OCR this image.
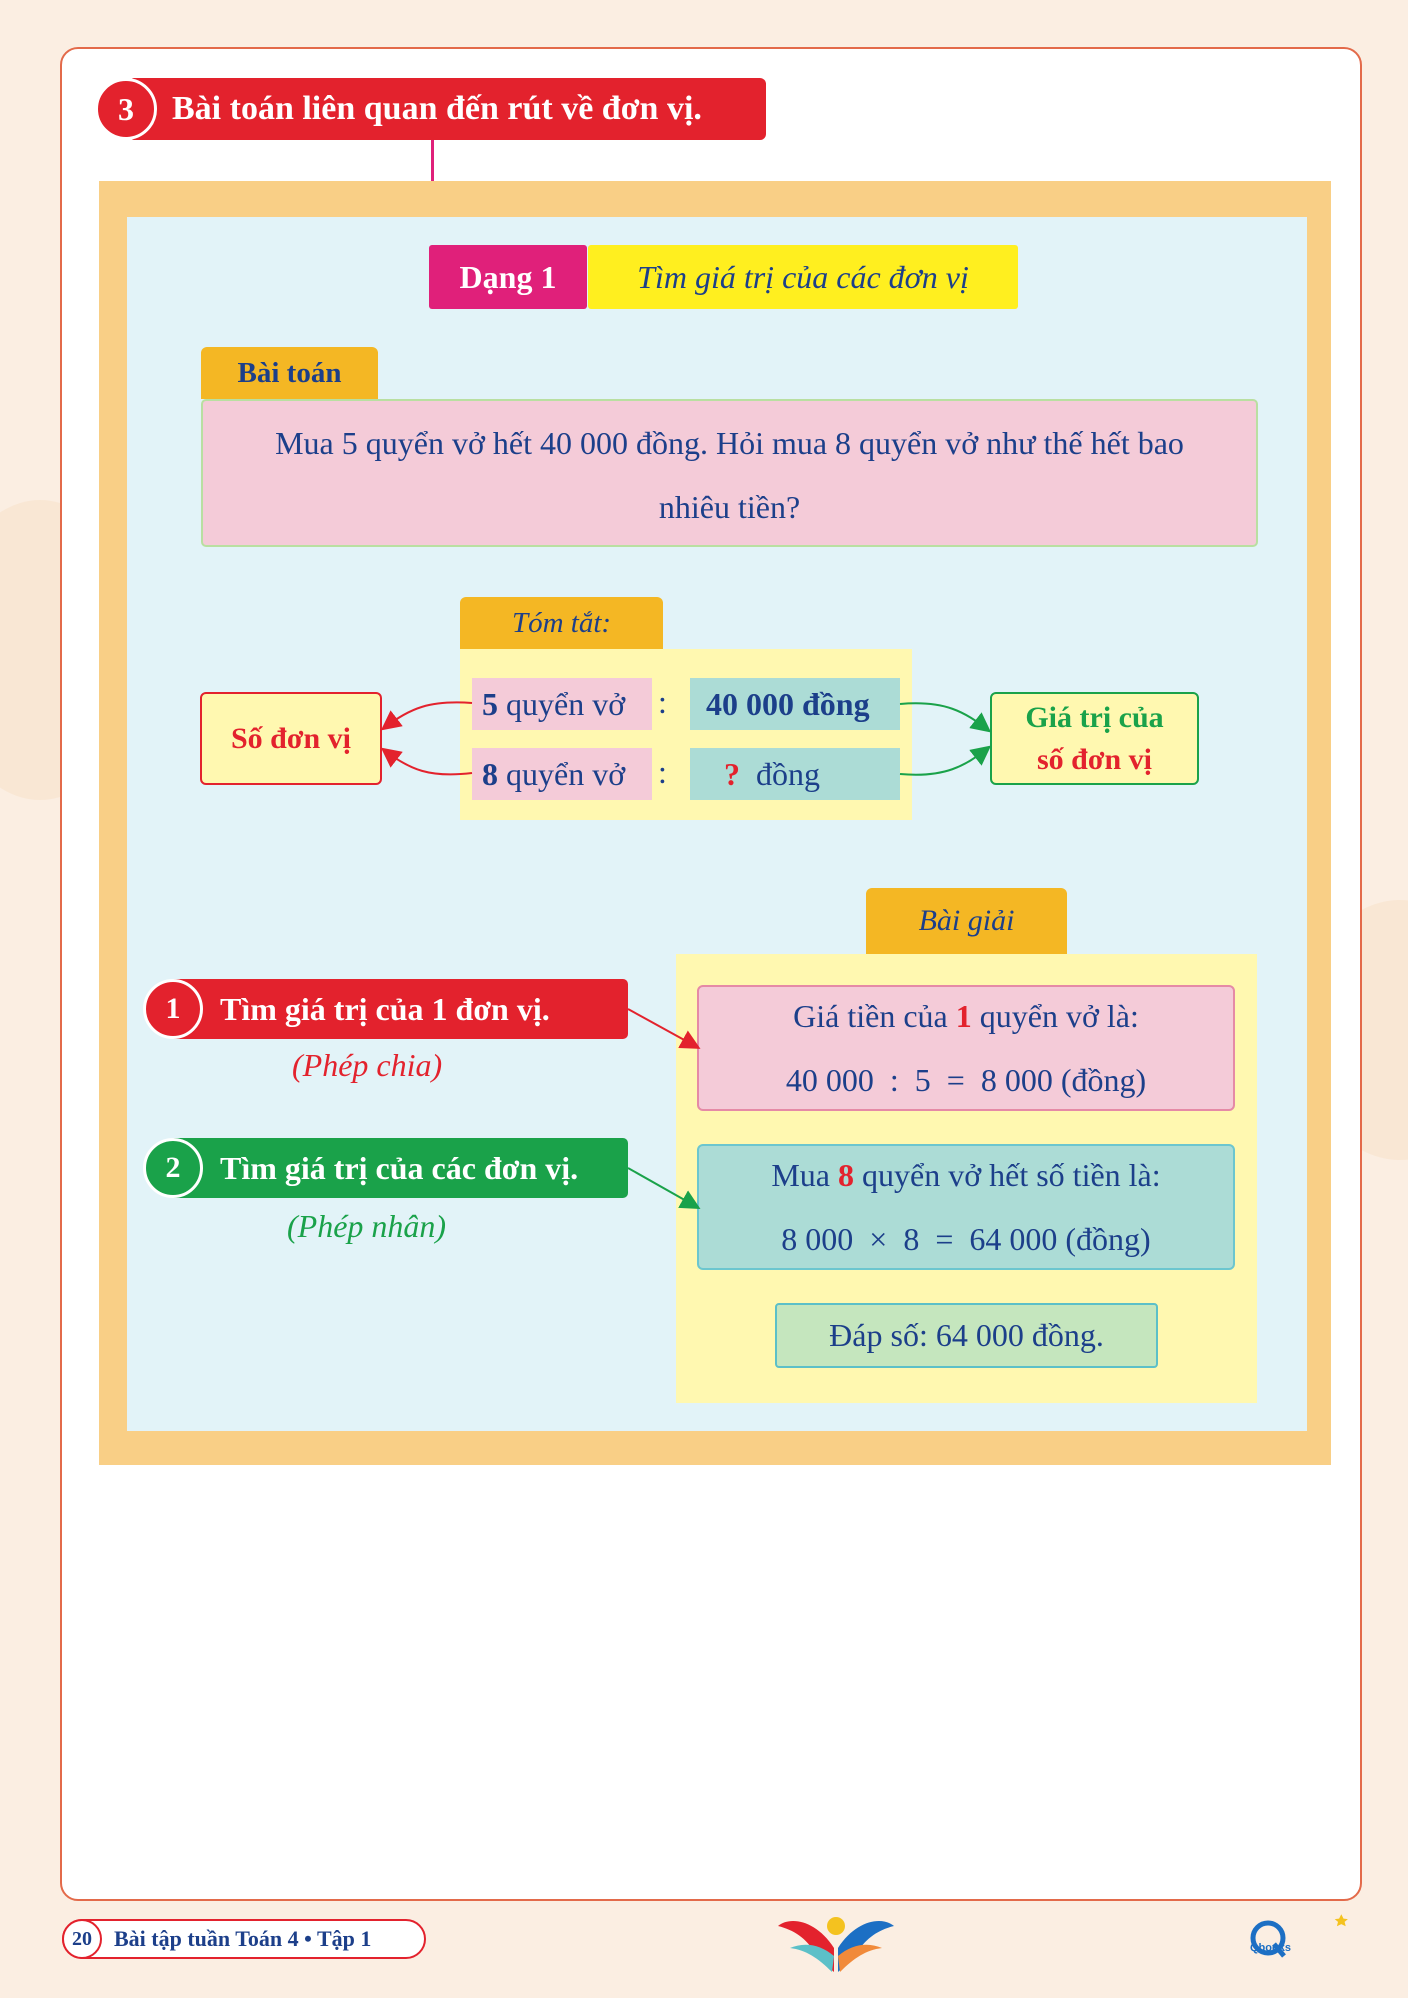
Bài toán liên quan đến rút về đơn vị.
3
Dạng 1	Tìm giá trị của các đơn vị
Bài toán
Mua 5 quyển vở hết 40 000 đồng. Hỏi mua 8 quyển vở như thế hết bao nhiêu tiền?
Tóm tắt:
5
quyển vở : 40 000 đồng
8
quyển vở : ?
đồng
Số đơn vị
Giá trị của
số đơn vị
Bài giải
Tìm giá trị của 1 đơn vị.
1
(Phép chia)
Tìm giá trị của các đơn vị.
2
(Phép nhân)
Giá tiền của 1 quyển vở là:
40 000 : 5 = 8 000 (đồng)
Mua 8 quyển vở hết số tiền là:
8 000 × 8 = 64 000 (đồng)
Đáp số: 64 000 đồng.
Bài tập tuần Toán 4 • Tập 1
20	Qbooks
